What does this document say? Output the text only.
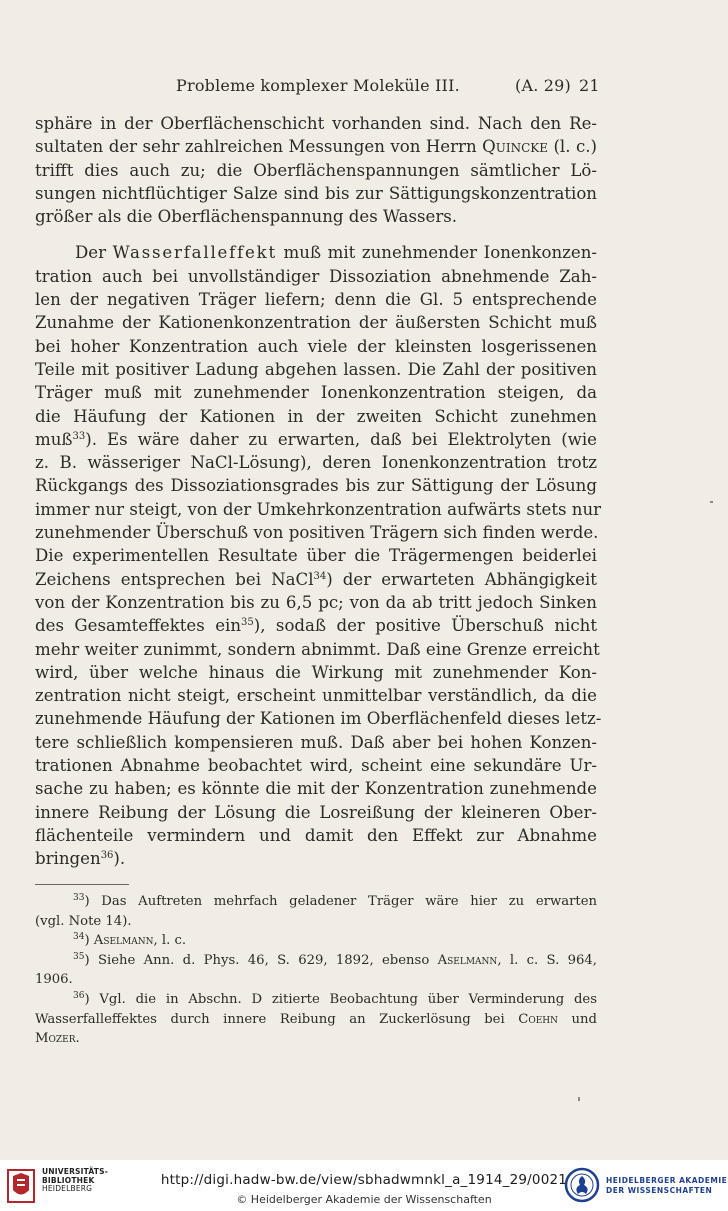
Probleme komplexer Moleküle III.	(A. 29) 21
sphäre in der Oberflächenschicht vorhanden sind. Nach den Re-
sultaten der sehr zahlreichen Messungen von Herrn Quincke (l. c.)
trifft dies auch zu; die Oberflächenspannungen sämtlicher Lö-
sungen nichtflüchtiger Salze sind bis zur Sättigungskonzentration
größer als die Oberflächenspannung des Wassers.
Der Wasserfalleffekt muß mit zunehmender Ionenkonzen-
tration auch bei unvollständiger Dissoziation abnehmende Zah-
len der negativen Träger liefern; denn die Gl. 5 entsprechende
Zunahme der Kationenkonzentration der äußersten Schicht muß
bei hoher Konzentration auch viele der kleinsten losgerissenen
Teile mit positiver Ladung abgehen lassen. Die Zahl der positiven
Träger muß mit zunehmender Ionenkonzentration steigen, da
die Häufung der Kationen in der zweiten Schicht zunehmen
muß$^{33}$). Es wäre daher zu erwarten, daß bei Elektrolyten (wie
z. B. wässeriger NaCl-Lösung), deren Ionenkonzentration trotz
Rückgangs des Dissoziationsgrades bis zur Sättigung der Lösung
immer nur steigt, von der Umkehrkonzentration aufwärts stets nur
zunehmender Überschuß von positiven Trägern sich finden werde.
Die experimentellen Resultate über die Trägermengen beiderlei
Zeichens entsprechen bei NaCl$^{34}$) der erwarteten Abhängigkeit
von der Konzentration bis zu 6,5 pc; von da ab tritt jedoch Sinken
des Gesamteffektes ein$^{35}$), sodaß der positive Überschuß nicht
mehr weiter zunimmt, sondern abnimmt. Daß eine Grenze erreicht
wird, über welche hinaus die Wirkung mit zunehmender Kon-
zentration nicht steigt, erscheint unmittelbar verständlich, da die
zunehmende Häufung der Kationen im Oberflächenfeld dieses letz-
tere schließlich kompensieren muß. Daß aber bei hohen Konzen-
trationen Abnahme beobachtet wird, scheint eine sekundäre Ur-
sache zu haben; es könnte die mit der Konzentration zunehmende
innere Reibung der Lösung die Losreißung der kleineren Ober-
flächenteile vermindern und damit den Effekt zur Abnahme
bringen$^{36}$).
$^{33}$) Das Auftreten mehrfach geladener Träger wäre hier zu erwarten
(vgl. Note 14).
$^{34}$) Aselmann, l. c.
$^{35}$) Siehe Ann. d. Phys. 46, S. 629, 1892, ebenso Aselmann, l. c. S. 964,
1906.
$^{36}$) Vgl. die in Abschn. D zitierte Beobachtung über Verminderung des
Wasserfalleffektes durch innere Reibung an Zuckerlösung bei Coehn und
Mozer.
UNIVERSITÄTS-
BIBLIOTHEK
HEIDELBERG
http://digi.hadw-bw.de/view/sbhadwmnkl_a_1914_29/0021
© Heidelberger Akademie der Wissenschaften
HEIDELBERGER AKADEMIE
DER WISSENSCHAFTEN
